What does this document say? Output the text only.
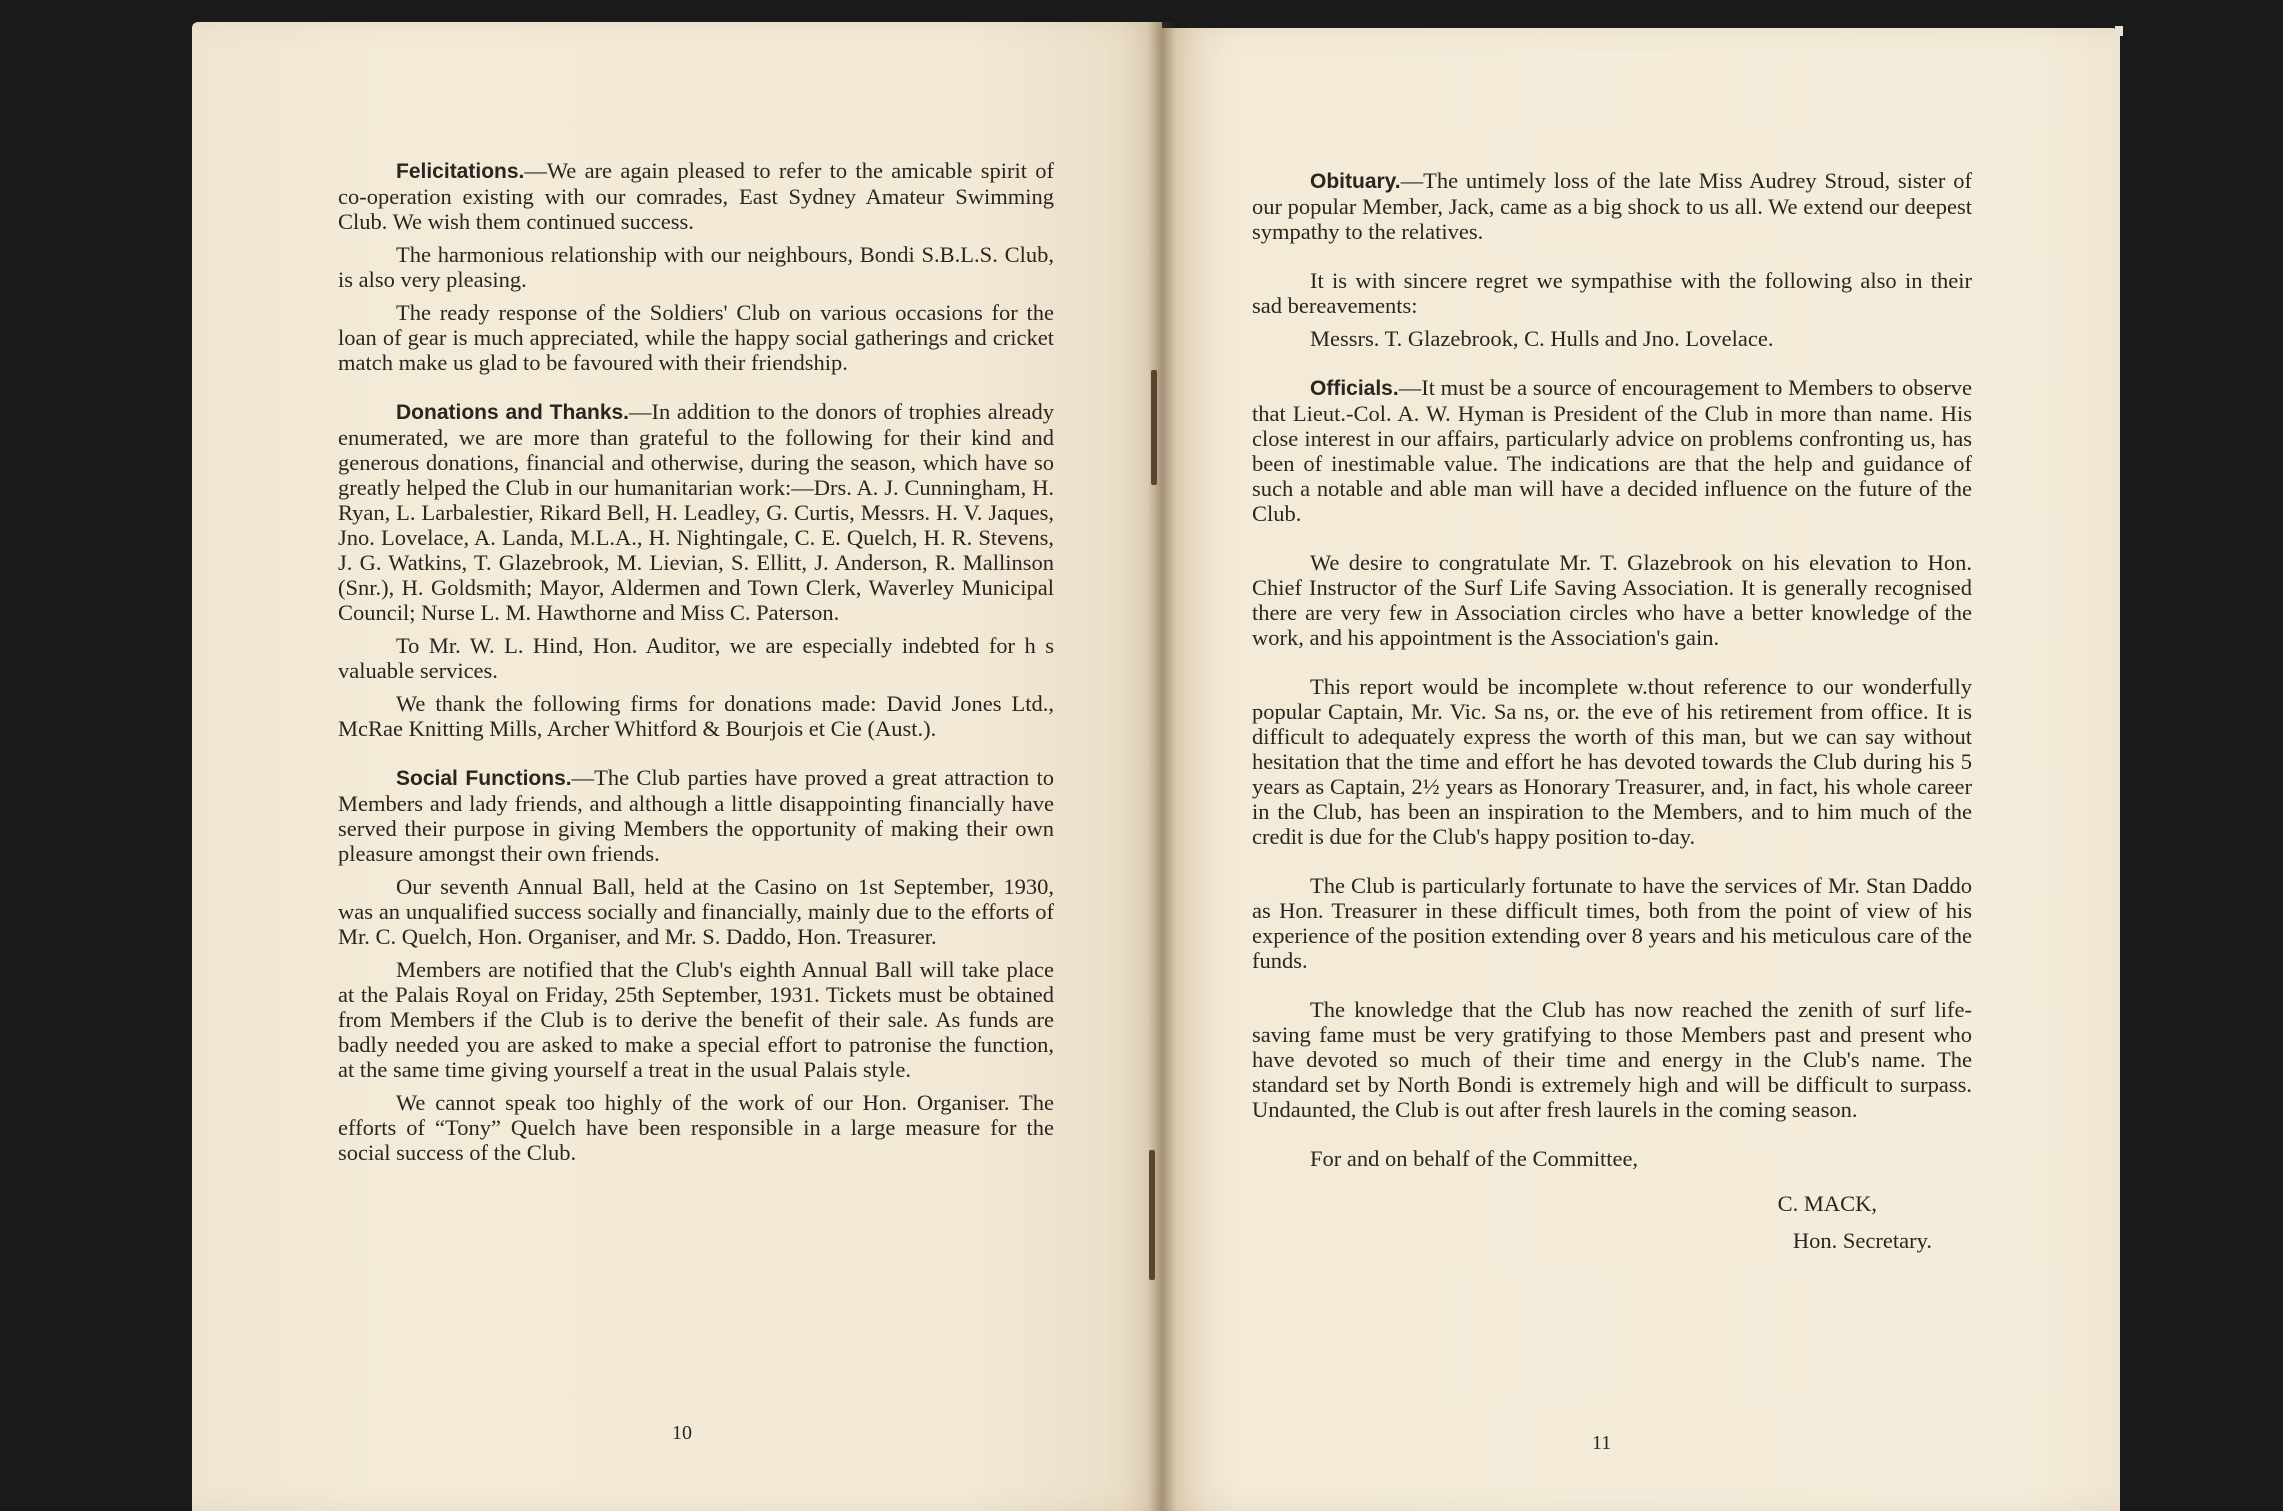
Felicitations.—We are again pleased to refer to the amicable spirit of co-operation existing with our comrades, East Sydney Amateur Swimming Club. We wish them continued success.

The harmonious relationship with our neighbours, Bondi S.B.L.S. Club, is also very pleasing.

The ready response of the Soldiers' Club on various occasions for the loan of gear is much appreciated, while the happy social gatherings and cricket match make us glad to be favoured with their friendship.

Donations and Thanks.—In addition to the donors of trophies already enumerated, we are more than grateful to the following for their kind and generous donations, financial and otherwise, during the season, which have so greatly helped the Club in our humanitarian work:—Drs. A. J. Cunningham, H. Ryan, L. Larbalestier, Rikard Bell, H. Leadley, G. Curtis, Messrs. H. V. Jaques, Jno. Lovelace, A. Landa, M.L.A., H. Nightingale, C. E. Quelch, H. R. Stevens, J. G. Watkins, T. Glazebrook, M. Lievian, S. Ellitt, J. Anderson, R. Mallinson (Snr.), H. Goldsmith; Mayor, Aldermen and Town Clerk, Waverley Municipal Council; Nurse L. M. Hawthorne and Miss C. Paterson.

To Mr. W. L. Hind, Hon. Auditor, we are especially indebted for h s valuable services.

We thank the following firms for donations made: David Jones Ltd., McRae Knitting Mills, Archer Whitford & Bourjois et Cie (Aust.).

Social Functions.—The Club parties have proved a great attraction to Members and lady friends, and although a little disappointing financially have served their purpose in giving Members the opportunity of making their own pleasure amongst their own friends.

Our seventh Annual Ball, held at the Casino on 1st September, 1930, was an unqualified success socially and financially, mainly due to the efforts of Mr. C. Quelch, Hon. Organiser, and Mr. S. Daddo, Hon. Treasurer.

Members are notified that the Club's eighth Annual Ball will take place at the Palais Royal on Friday, 25th September, 1931. Tickets must be obtained from Members if the Club is to derive the benefit of their sale. As funds are badly needed you are asked to make a special effort to patronise the function, at the same time giving yourself a treat in the usual Palais style.

We cannot speak too highly of the work of our Hon. Organiser. The efforts of “Tony” Quelch have been responsible in a large measure for the social success of the Club.

10

Obituary.—The untimely loss of the late Miss Audrey Stroud, sister of our popular Member, Jack, came as a big shock to us all. We extend our deepest sympathy to the relatives.

It is with sincere regret we sympathise with the following also in their sad bereavements:

Messrs. T. Glazebrook, C. Hulls and Jno. Lovelace.

Officials.—It must be a source of encouragement to Members to observe that Lieut.-Col. A. W. Hyman is President of the Club in more than name. His close interest in our affairs, particularly advice on problems confronting us, has been of inestimable value. The indications are that the help and guidance of such a notable and able man will have a decided influence on the future of the Club.

We desire to congratulate Mr. T. Glazebrook on his elevation to Hon. Chief Instructor of the Surf Life Saving Association. It is generally recognised there are very few in Association circles who have a better knowledge of the work, and his appointment is the Association's gain.

This report would be incomplete w.thout reference to our wonderfully popular Captain, Mr. Vic. Sa ns, or. the eve of his retirement from office. It is difficult to adequately express the worth of this man, but we can say without hesitation that the time and effort he has devoted towards the Club during his 5 years as Captain, 2½ years as Honorary Treasurer, and, in fact, his whole career in the Club, has been an inspiration to the Members, and to him much of the credit is due for the Club's happy position to-day.

The Club is particularly fortunate to have the services of Mr. Stan Daddo as Hon. Treasurer in these difficult times, both from the point of view of his experience of the position extending over 8 years and his meticulous care of the funds.

The knowledge that the Club has now reached the zenith of surf life-saving fame must be very gratifying to those Members past and present who have devoted so much of their time and energy in the Club's name. The standard set by North Bondi is extremely high and will be difficult to surpass. Undaunted, the Club is out after fresh laurels in the coming season.

For and on behalf of the Committee,

C. MACK,

Hon. Secretary.

11
